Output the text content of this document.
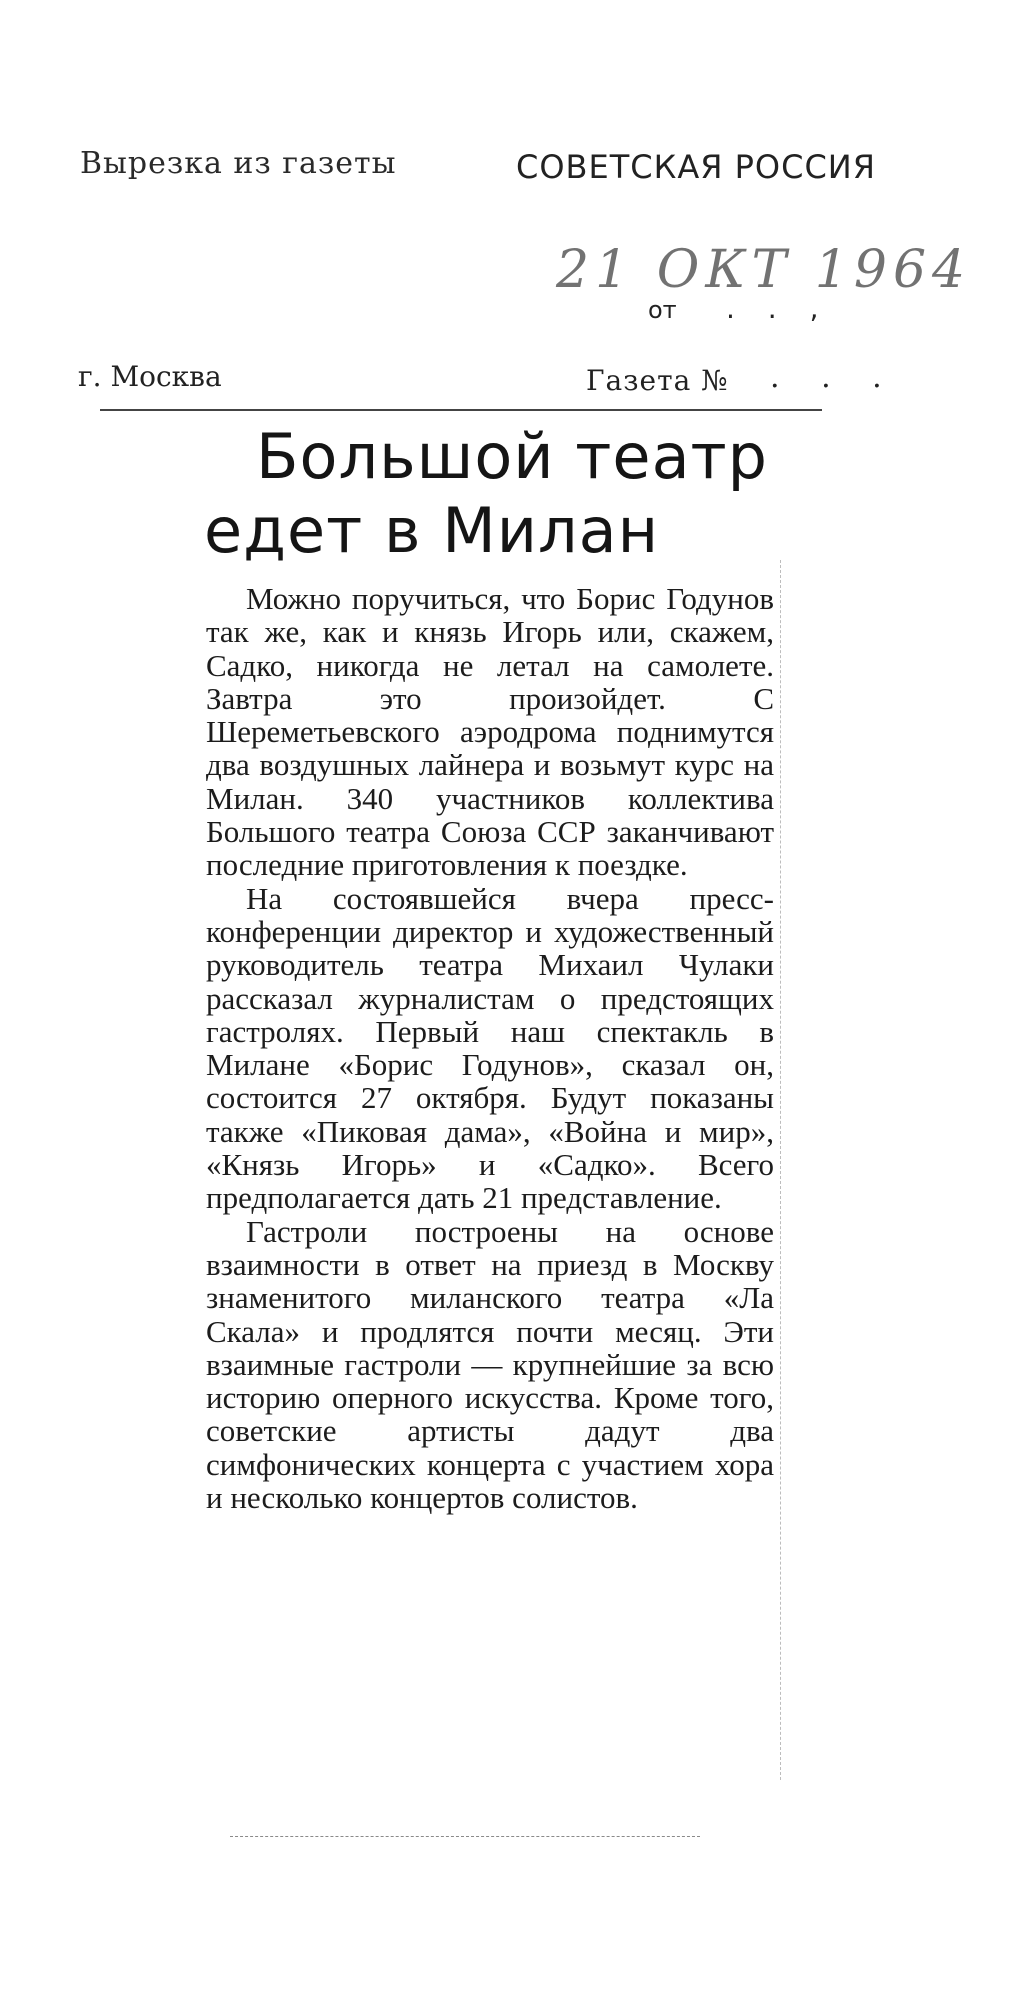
Вырезка из газеты	СОВЕТСКАЯ РОССИЯ
21 ОКТ 1964
от . . ,
г. Москва	Газета № . . .
Большой театр
едет в Милан

Можно поручиться, что Борис Годунов так же, как и князь Игорь или, скажем, Садко, никогда не летал на самолете. Завтра это произойдет. С Шереметьевского аэродрома поднимутся два воздушных лайнера и возьмут курс на Милан. 340 участников коллектива Большого театра Союза ССР заканчивают последние приготовления к поездке.

На состоявшейся вчера пресс-конференции директор и художественный руководитель театра Михаил Чулаки рассказал журналистам о предстоящих гастролях. Первый наш спектакль в Милане «Борис Годунов», сказал он, состоится 27 октября. Будут показаны также «Пиковая дама», «Война и мир», «Князь Игорь» и «Садко». Всего предполагается дать 21 представление.

Гастроли построены на основе взаимности в ответ на приезд в Москву знаменитого миланского театра «Ла Скала» и продлятся почти месяц. Эти взаимные гастроли — крупнейшие за всю историю оперного искусства. Кроме того, советские артисты дадут два симфонических концерта с участием хора и несколько концертов солистов.
